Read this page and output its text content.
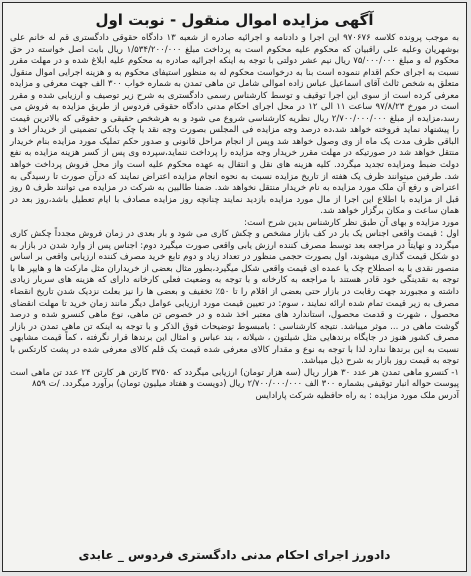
آگهی مزایده اموال منقول - نوبت اول

به موجب پرونده کلاسه ۹۷۰۶۷۶ این اجرا و دادنامه و اجرائیه صادره از شعبه ۱۳ دادگاه حقوقی دادگستری قم له خانم علی بوشهریان وعلیه علی راقبیان که محکوم علیه محکوم است به پرداخت مبلغ ۱/۵۳۴/۲۰۰/۰۰۰ ریال بابت اصل خواسته در حق محکوم له و مبلغ ۷۵/۰۰۰/۰۰۰ ریال نیم عشر دولتی با توجه به اینکه اجرائیه صادره به محکوم علیه ابلاغ شده و در مهلت مقرر نسبت به اجرای حکم اقدام ننموده است بنا به درخواست محکوم له به منظور استیفای محکوم به و هزینه اجرایی اموال منقول متعلق به شخص ثالث آقای اسماعیل عباس زاده اموالی شامل تن ماهی تمدن به شماره خواب ۳۰۰ الف جهت معرفی و مزایده معرفی کرده است از سوی این اجرا توقیف و توسط کارشناس رسمی دادگستری به شرح زیر توصیف و ارزیابی شده و مقرر است در مورخ ۹۷/۸/۲۳ ساعت ۱۱ الی ۱۲ در محل اجرای احکام مدنی دادگاه حقوقی فردوس از طریق مزایده به فروش می رسد،مزایده از مبلغ ۲/۷۰۰/۰۰۰/۰۰۰ ریال نظریه کارشناسی شروع می شود و به هرشخص حقیقی و حقوقی که بالاترین قیمت را پیشنهاد نماید فروخته خواهد شد،ده درصد وجه مزایده فی المجلس بصورت وجه نقد یا چک بانکی تضمینی از خریدار اخذ و الباقی ظرف مدت یک ماه از وی وصول خواهد شد وپس از انجام مراحل قانونی و صدور حکم تملیک مورد مزایده بنام خریدار منتقل خواهد شد در صورتیکه در مهلت مقرر خریدار وجه مزایده را پرداخت ننماید،سپرده وی پس از کسر هزینه مزایده به نفع دولت ضبط ومزایده تجدید میگردد. کلیه هزینه های نقل و انتقال به عهده محکوم علیه است واز محل فروش پرداخت خواهد شد. طرفین میتوانند ظرف یک هفته از تاریخ مزایده نسبت به نحوه انجام مزایده اعتراض نمایند که درآن صورت تا رسیدگی به اعتراض و رفع آن ملک مورد مزایده به نام خریدار منتقل نخواهد شد. ضمنا طالبین به شرکت در مزایده می توانند ظرف ۵ روز قبل از مزایده با اطلاع این اجرا از مال مورد مزایده بازدید نمایند چنانچه روز مزایده مصادف با ایام تعطیل باشد،روز بعد در همان ساعت و مکان برگزار خواهد شد.

مورد مزایده و بهای آن طبق نظر کارشناس بدین شرح است:

اول : قیمت واقعی اجناس یک بار در کف بازار مشخص و چکش کاری می شود و بار بعدی در زمان فروش مجدداً چکش کاری میگردد و نهایتاً در مراجعه بعد توسط مصرف کننده ارزش یابی واقعی صورت میگیرد دوم: اجناس پس از وارد شدن در بازار به دو شکل قیمت گذاری میشوند، اول بصورت حجمی منظور در تعداد زیاد و دوم تابع خرید مصرف کننده ارزیابی واقعی بر اساس منصور نقدی با به اصطلاح چک یا عمده ای قیمت واقعی شکل میگیرد،بطور مثال بعضی از خریداران مثل مارکت ها و هایپر ها با توجه به نقدینگی خود قادر هستند با مراجعه به کارخانه و با توجه به وضعیت فعلی کارخانه دارای که هزینه های سربار زیادی داشته و مجبورند جهت رقابت در بازار حتی بعضی از اقلام را تا ۵۰٪ تخفیف و بعضی ها را نیز بعلت نزدیک شدن تاریخ انقضاء مصرف به زیر قیمت تمام شده ارائه نمایند ، سوم: در تعیین قیمت مورد ارزیابی عوامل دیگر مانند زمان خرید تا مهلت انقضای محصول ، شهرت و قدمت محصول، استاندارد های معتبر اخذ شده و در خصوص تن ماهی، نوع ماهی کنسرو شده و درصد گوشت ماهی در ... موثر میباشد. نتیجه کارشناسی : بامبسوط توضیحات فوق الذکر و با توجه به اینکه تن ماهی تمدن در بازار مصرف کشور هنوز در جایگاه برندهایی مثل شیلتون ، شیلانه ، بند عباس و امثال این برندها قرار نگرفته ، کماً قیمت مشابهی نسبت به این برندها ندارد لذا با توجه به نوع و مقدار کالای معرفی شده قیمت یک قلم کالای معرفی شده در پشت کارتکس با توجه به قیمت روز بازار به شرح ذیل میباشد.

۱- کنسرو ماهی تمدن هر عدد ۳۰ هزار ریال (سه هزار تومان) ارزیابی میگردد که ۳۷۵۰ کارتن هر کارتن ۲۴ عدد تن ماهی است پیوست حواله انبار توقیفی بشماره ۳۰۰ الف ۲/۷۰۰/۰۰۰/۰۰۰ ریال (دویست و هفتاد میلیون تومان) برآورد میگردد. /ت ۸۵۹

آدرس ملک مورد مزایده : به راه حافظیه شرکت پارادایس

دادورز اجرای احکام مدنی دادگستری فردوس _ عابدی
